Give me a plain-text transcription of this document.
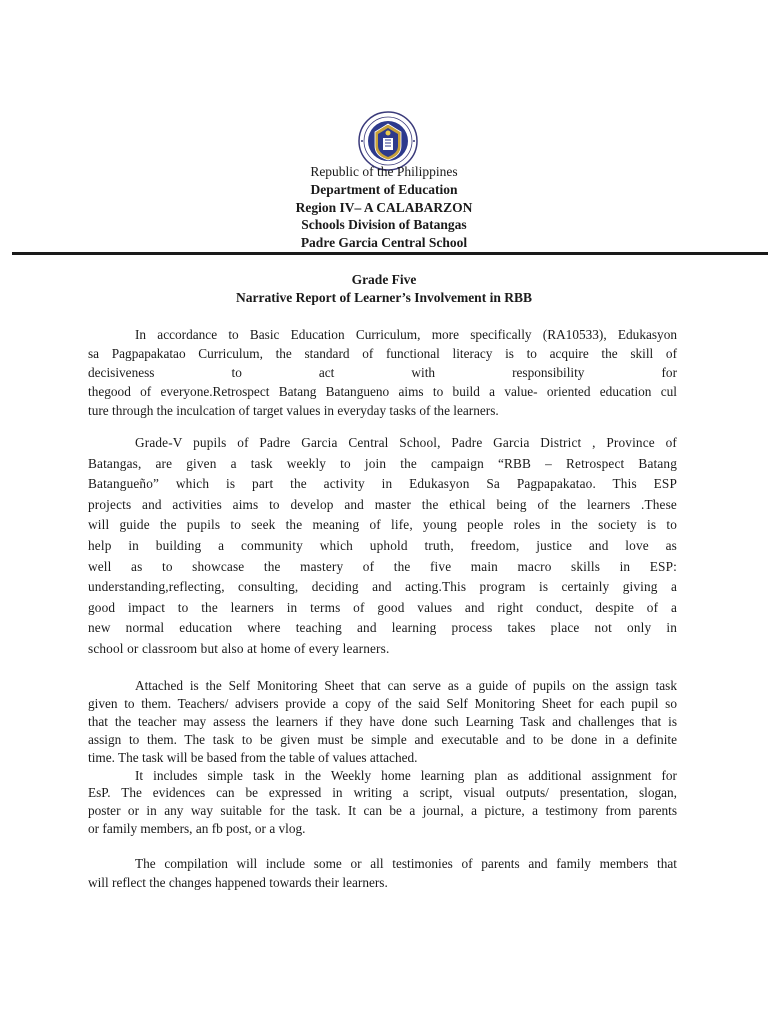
Republic of the Philippines
Department of Education
Region IV– A CALABARZON
Schools Division of Batangas
Padre Garcia Central School
Grade Five
Narrative Report of Learner’s Involvement in RBB
In accordance to Basic Education Curriculum, more specifically (RA10533), Edukasyon
sa Pagpapakatao Curriculum, the standard of functional literacy is to acquire the skill of
decisiveness to act with responsibility for
thegood of everyone.Retrospect Batang Batangueno aims to build a value- oriented education cul
ture through the inculcation of target values in everyday tasks of the learners.
Grade-V pupils of Padre Garcia Central School, Padre Garcia District , Province of
Batangas, are given a task weekly to join the campaign “RBB – Retrospect Batang
Batangueño” which is part the activity in Edukasyon Sa Pagpapakatao. This ESP
projects and activities aims to develop and master the ethical being of the learners .These
will guide the pupils to seek the meaning of life, young people roles in the society is to
help in building a community which uphold truth, freedom, justice and love as
well as to showcase the mastery of the five main macro skills in ESP:
understanding,reflecting, consulting, deciding and acting.This program is certainly giving a
good impact to the learners in terms of good values and right conduct, despite of a
new normal education where teaching and learning process takes place not only in
school or classroom but also at home of every learners.
Attached is the Self Monitoring Sheet that can serve as a guide of pupils on the assign task
given to them. Teachers/ advisers provide a copy of the said Self Monitoring Sheet for each pupil so
that the teacher may assess the learners if they have done such Learning Task and challenges that is
assign to them. The task to be given must be simple and executable and to be done in a definite
time. The task will be based from the table of values attached.
It includes simple task in the Weekly home learning plan as additional assignment for
EsP. The evidences can be expressed in writing a script, visual outputs/ presentation, slogan,
poster or in any way suitable for the task. It can be a journal, a picture, a testimony from parents
or family members, an fb post, or a vlog.
The compilation will include some or all testimonies of parents and family members that
will reflect the changes happened towards their learners.
